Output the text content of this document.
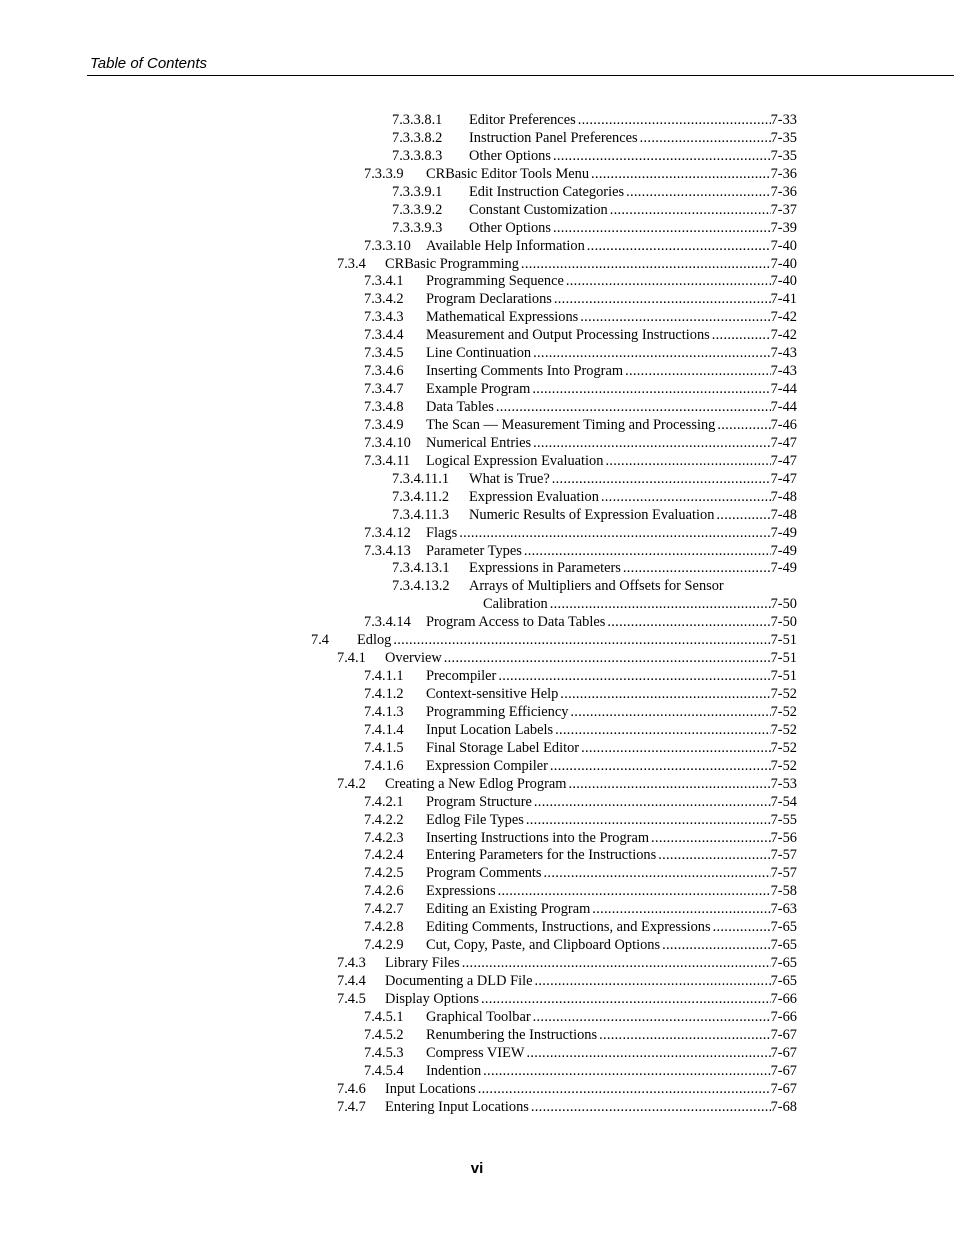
Table of Contents
7.3.3.8.1 Editor Preferences .....	7-33
7.3.3.8.2 Instruction Panel Preferences .....	7-35
7.3.3.8.3 Other Options .....	7-35
7.3.3.9 CRBasic Editor Tools Menu .....	7-36
7.3.3.9.1 Edit Instruction Categories .....	7-36
7.3.3.9.2 Constant Customization .....	7-37
7.3.3.9.3 Other Options .....	7-39
7.3.3.10 Available Help Information .....	7-40
7.3.4 CRBasic Programming .....	7-40
7.3.4.1 Programming Sequence .....	7-40
7.3.4.2 Program Declarations .....	7-41
7.3.4.3 Mathematical Expressions .....	7-42
7.3.4.4 Measurement and Output Processing Instructions .....	7-42
7.3.4.5 Line Continuation .....	7-43
7.3.4.6 Inserting Comments Into Program .....	7-43
7.3.4.7 Example Program .....	7-44
7.3.4.8 Data Tables .....	7-44
7.3.4.9 The Scan — Measurement Timing and Processing .....	7-46
7.3.4.10 Numerical Entries .....	7-47
7.3.4.11 Logical Expression Evaluation .....	7-47
7.3.4.11.1 What is True? .....	7-47
7.3.4.11.2 Expression Evaluation .....	7-48
7.3.4.11.3 Numeric Results of Expression Evaluation .....	7-48
7.3.4.12 Flags .....	7-49
7.3.4.13 Parameter Types .....	7-49
7.3.4.13.1 Expressions in Parameters .....	7-49
7.3.4.13.2 Arrays of Multipliers and Offsets for Sensor
Calibration .....	7-50
7.3.4.14 Program Access to Data Tables .....	7-50
7.4 Edlog .....	7-51
7.4.1 Overview .....	7-51
7.4.1.1 Precompiler .....	7-51
7.4.1.2 Context-sensitive Help .....	7-52
7.4.1.3 Programming Efficiency .....	7-52
7.4.1.4 Input Location Labels .....	7-52
7.4.1.5 Final Storage Label Editor .....	7-52
7.4.1.6 Expression Compiler .....	7-52
7.4.2 Creating a New Edlog Program .....	7-53
7.4.2.1 Program Structure .....	7-54
7.4.2.2 Edlog File Types .....	7-55
7.4.2.3 Inserting Instructions into the Program .....	7-56
7.4.2.4 Entering Parameters for the Instructions .....	7-57
7.4.2.5 Program Comments .....	7-57
7.4.2.6 Expressions .....	7-58
7.4.2.7 Editing an Existing Program .....	7-63
7.4.2.8 Editing Comments, Instructions, and Expressions .....	7-65
7.4.2.9 Cut, Copy, Paste, and Clipboard Options .....	7-65
7.4.3 Library Files .....	7-65
7.4.4 Documenting a DLD File .....	7-65
7.4.5 Display Options .....	7-66
7.4.5.1 Graphical Toolbar .....	7-66
7.4.5.2 Renumbering the Instructions .....	7-67
7.4.5.3 Compress VIEW .....	7-67
7.4.5.4 Indention .....	7-67
7.4.6 Input Locations .....	7-67
7.4.7 Entering Input Locations .....	7-68
vi
